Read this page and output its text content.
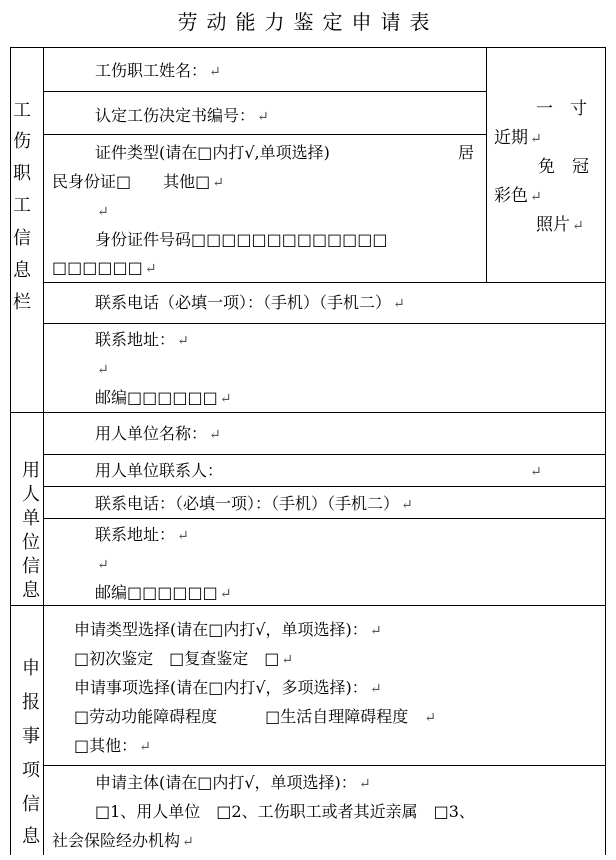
劳动能力鉴定申请表
工
伤
职
工
信
息
栏
用
人
单
位
信
息
申
报
事
项
信
息
一　寸
近期 ↵
免　冠
彩色 ↵
照片 ↵
工伤职工姓名： ↵
认定工伤决定书编号： ↵
证件类型(请在□内打√,单项选择)	居
民身份证□　　其他□ ↵
↵
身份证件号码□□□□□□□□□□□□□
□□□□□□ ↵
联系电话（必填一项）：（手机）（手机二） ↵
联系地址： ↵
↵
邮编□□□□□□ ↵
用人单位名称： ↵
用人单位联系人：	↵
联系电话：（必填一项）：（手机）（手机二） ↵
联系地址： ↵
↵
邮编□□□□□□ ↵
申请类型选择(请在□内打√，单项选择)： ↵
□初次鉴定　□复查鉴定　□ ↵
申请事项选择(请在□内打√，多项选择)： ↵
□劳动功能障碍程度　　　□生活自理障碍程度 ↵
□其他： ↵
申请主体(请在□内打√，单项选择)： ↵
□1、用人单位　□2、工伤职工或者其近亲属　□3、
社会保险经办机构 ↵
